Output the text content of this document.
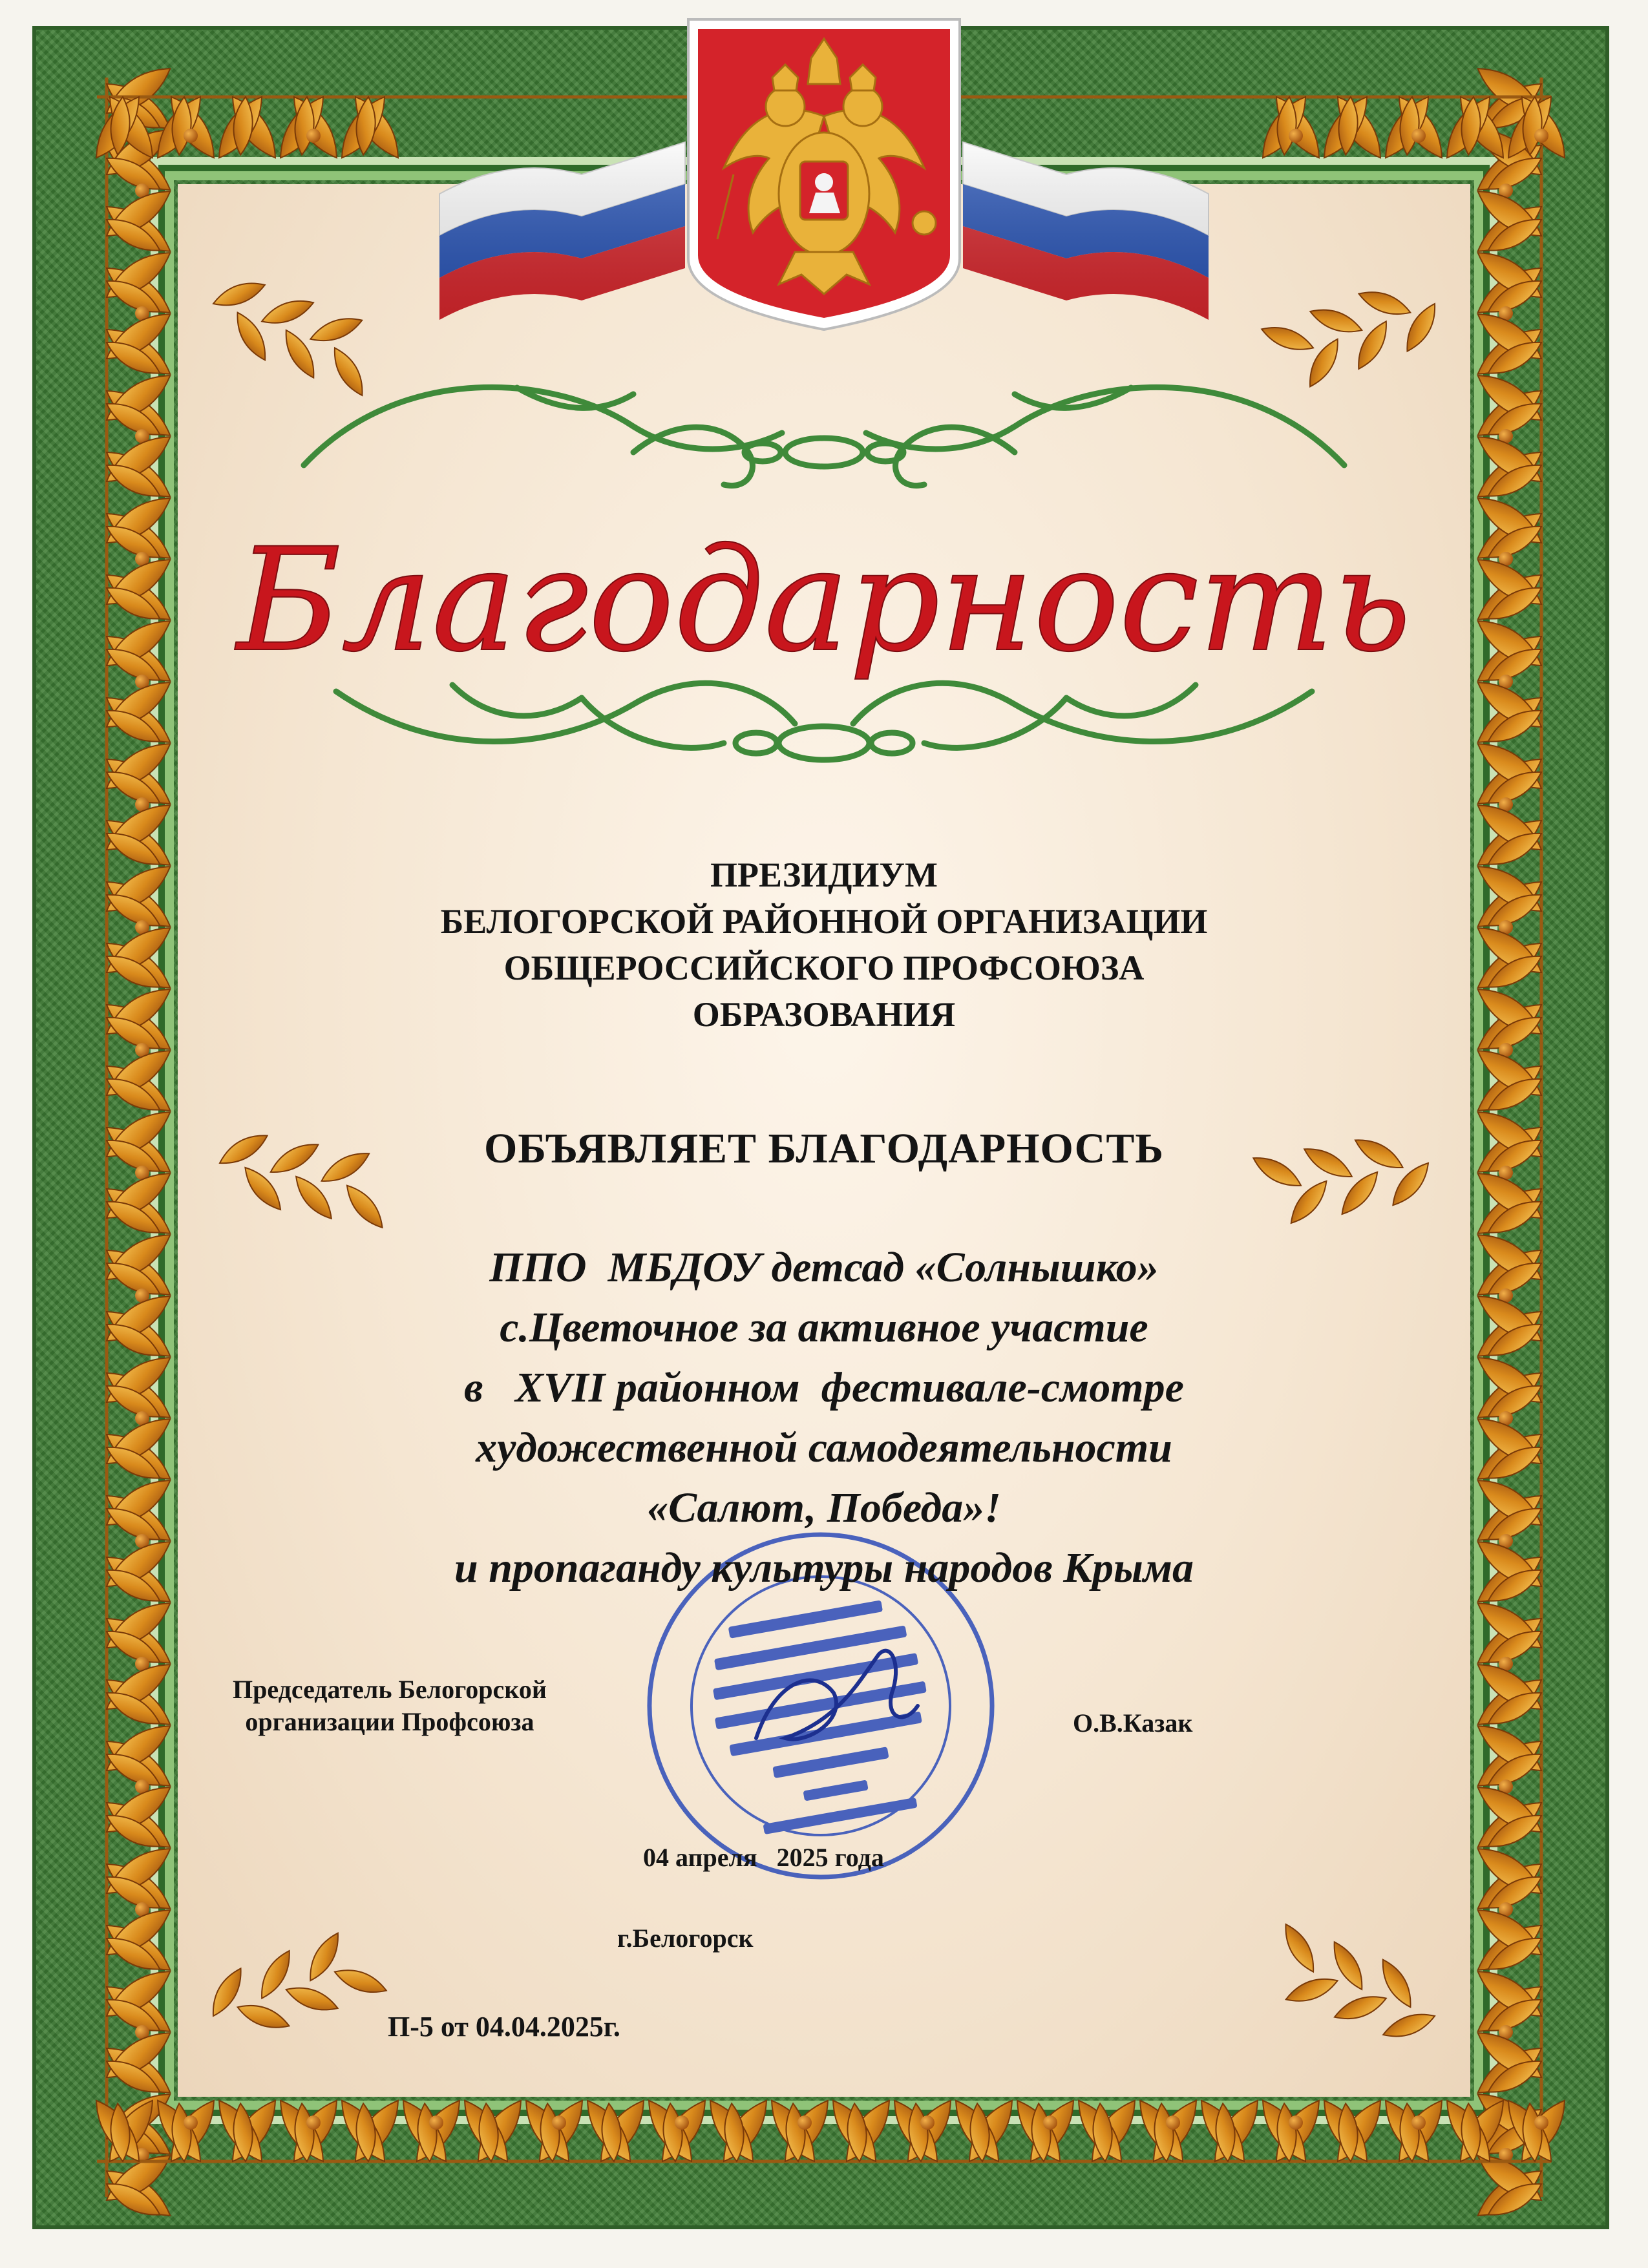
Благодарность
ПРЕЗИДИУМ
БЕЛОГОРСКОЙ РАЙОННОЙ ОРГАНИЗАЦИИ
ОБЩЕРОССИЙСКОГО ПРОФСОЮЗА
ОБРАЗОВАНИЯ
ОБЪЯВЛЯЕТ БЛАГОДАРНОСТЬ
ППО  МБДОУ детсад «Солнышко»
с.Цветочное за активное участие
в   XVII районном  фестивале-смотре
художественной самодеятельности
«Салют, Победа»!
и пропаганду культуры народов Крыма
Председатель Белогорской
организации Профсоюза	О.В.Казак
04 апреля   2025 года
г.Белогорск
П-5 от 04.04.2025г.
